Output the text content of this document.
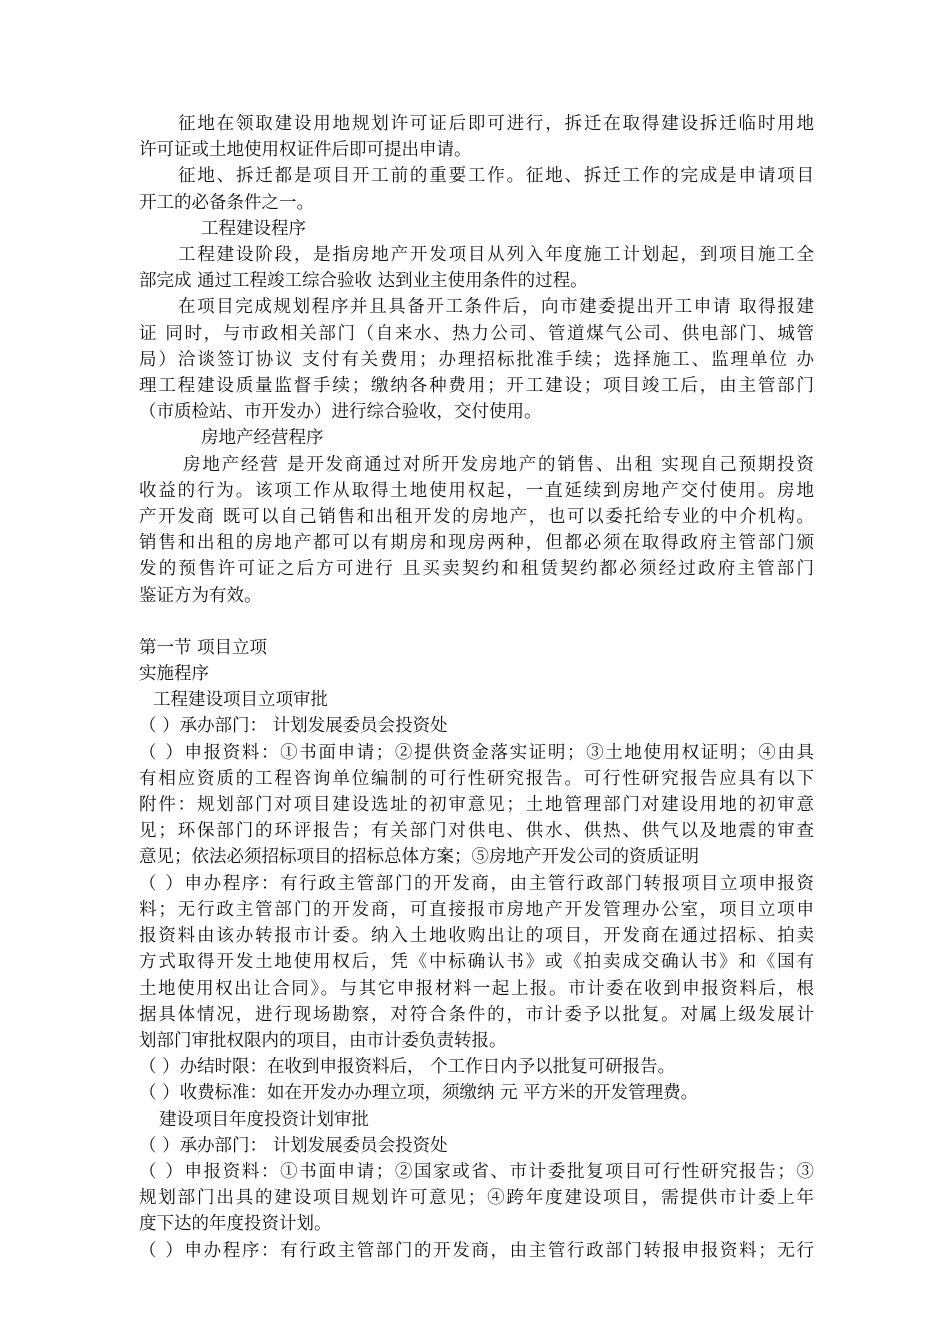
征地在领取建设用地规划许可证后即可进行，拆迁在取得建设拆迁临时用地
许可证或土地使用权证件后即可提出申请。
征地、拆迁都是项目开工前的重要工作。征地、拆迁工作的完成是申请项目
开工的必备条件之一。
工程建设程序
工程建设阶段，是指房地产开发项目从列入年度施工计划起，到项目施工全
部完成 通过工程竣工综合验收 达到业主使用条件的过程。
在项目完成规划程序并且具备开工条件后，向市建委提出开工申请 取得报建
证 同时，与市政相关部门（自来水、热力公司、管道煤气公司、供电部门、城管
局）洽谈签订协议 支付有关费用；办理招标批准手续；选择施工、监理单位 办
理工程建设质量监督手续；缴纳各种费用；开工建设；项目竣工后，由主管部门
（市质检站、市开发办）进行综合验收，交付使用。
房地产经营程序
房地产经营 是开发商通过对所开发房地产的销售、出租 实现自己预期投资
收益的行为。该项工作从取得土地使用权起，一直延续到房地产交付使用。房地
产开发商 既可以自己销售和出租开发的房地产，也可以委托给专业的中介机构。
销售和出租的房地产都可以有期房和现房两种，但都必须在取得政府主管部门颁
发的预售许可证之后方可进行 且买卖契约和租赁契约都必须经过政府主管部门
鉴证方为有效。
第一节 项目立项
实施程序
工程建设项目立项审批
（ ）承办部门： 计划发展委员会投资处
（ ）申报资料：①书面申请；②提供资金落实证明；③土地使用权证明；④由具
有相应资质的工程咨询单位编制的可行性研究报告。可行性研究报告应具有以下
附件：规划部门对项目建设选址的初审意见；土地管理部门对建设用地的初审意
见；环保部门的环评报告；有关部门对供电、供水、供热、供气以及地震的审查
意见；依法必须招标项目的招标总体方案；⑤房地产开发公司的资质证明
（ ）申办程序：有行政主管部门的开发商，由主管行政部门转报项目立项申报资
料；无行政主管部门的开发商，可直接报市房地产开发管理办公室，项目立项申
报资料由该办转报市计委。纳入土地收购出让的项目，开发商在通过招标、拍卖
方式取得开发土地使用权后，凭《中标确认书》或《拍卖成交确认书》和《国有
土地使用权出让合同》。与其它申报材料一起上报。市计委在收到申报资料后，根
据具体情况，进行现场勘察，对符合条件的，市计委予以批复。对属上级发展计
划部门审批权限内的项目，由市计委负责转报。
（ ）办结时限：在收到申报资料后， 个工作日内予以批复可研报告。
（ ）收费标准：如在开发办办理立项，须缴纳 元 平方米的开发管理费。
建设项目年度投资计划审批
（ ）承办部门： 计划发展委员会投资处
（ ）申报资料：①书面申请；②国家或省、市计委批复项目可行性研究报告；③
规划部门出具的建设项目规划许可意见；④跨年度建设项目，需提供市计委上年
度下达的年度投资计划。
（ ）申办程序：有行政主管部门的开发商，由主管行政部门转报申报资料；无行
